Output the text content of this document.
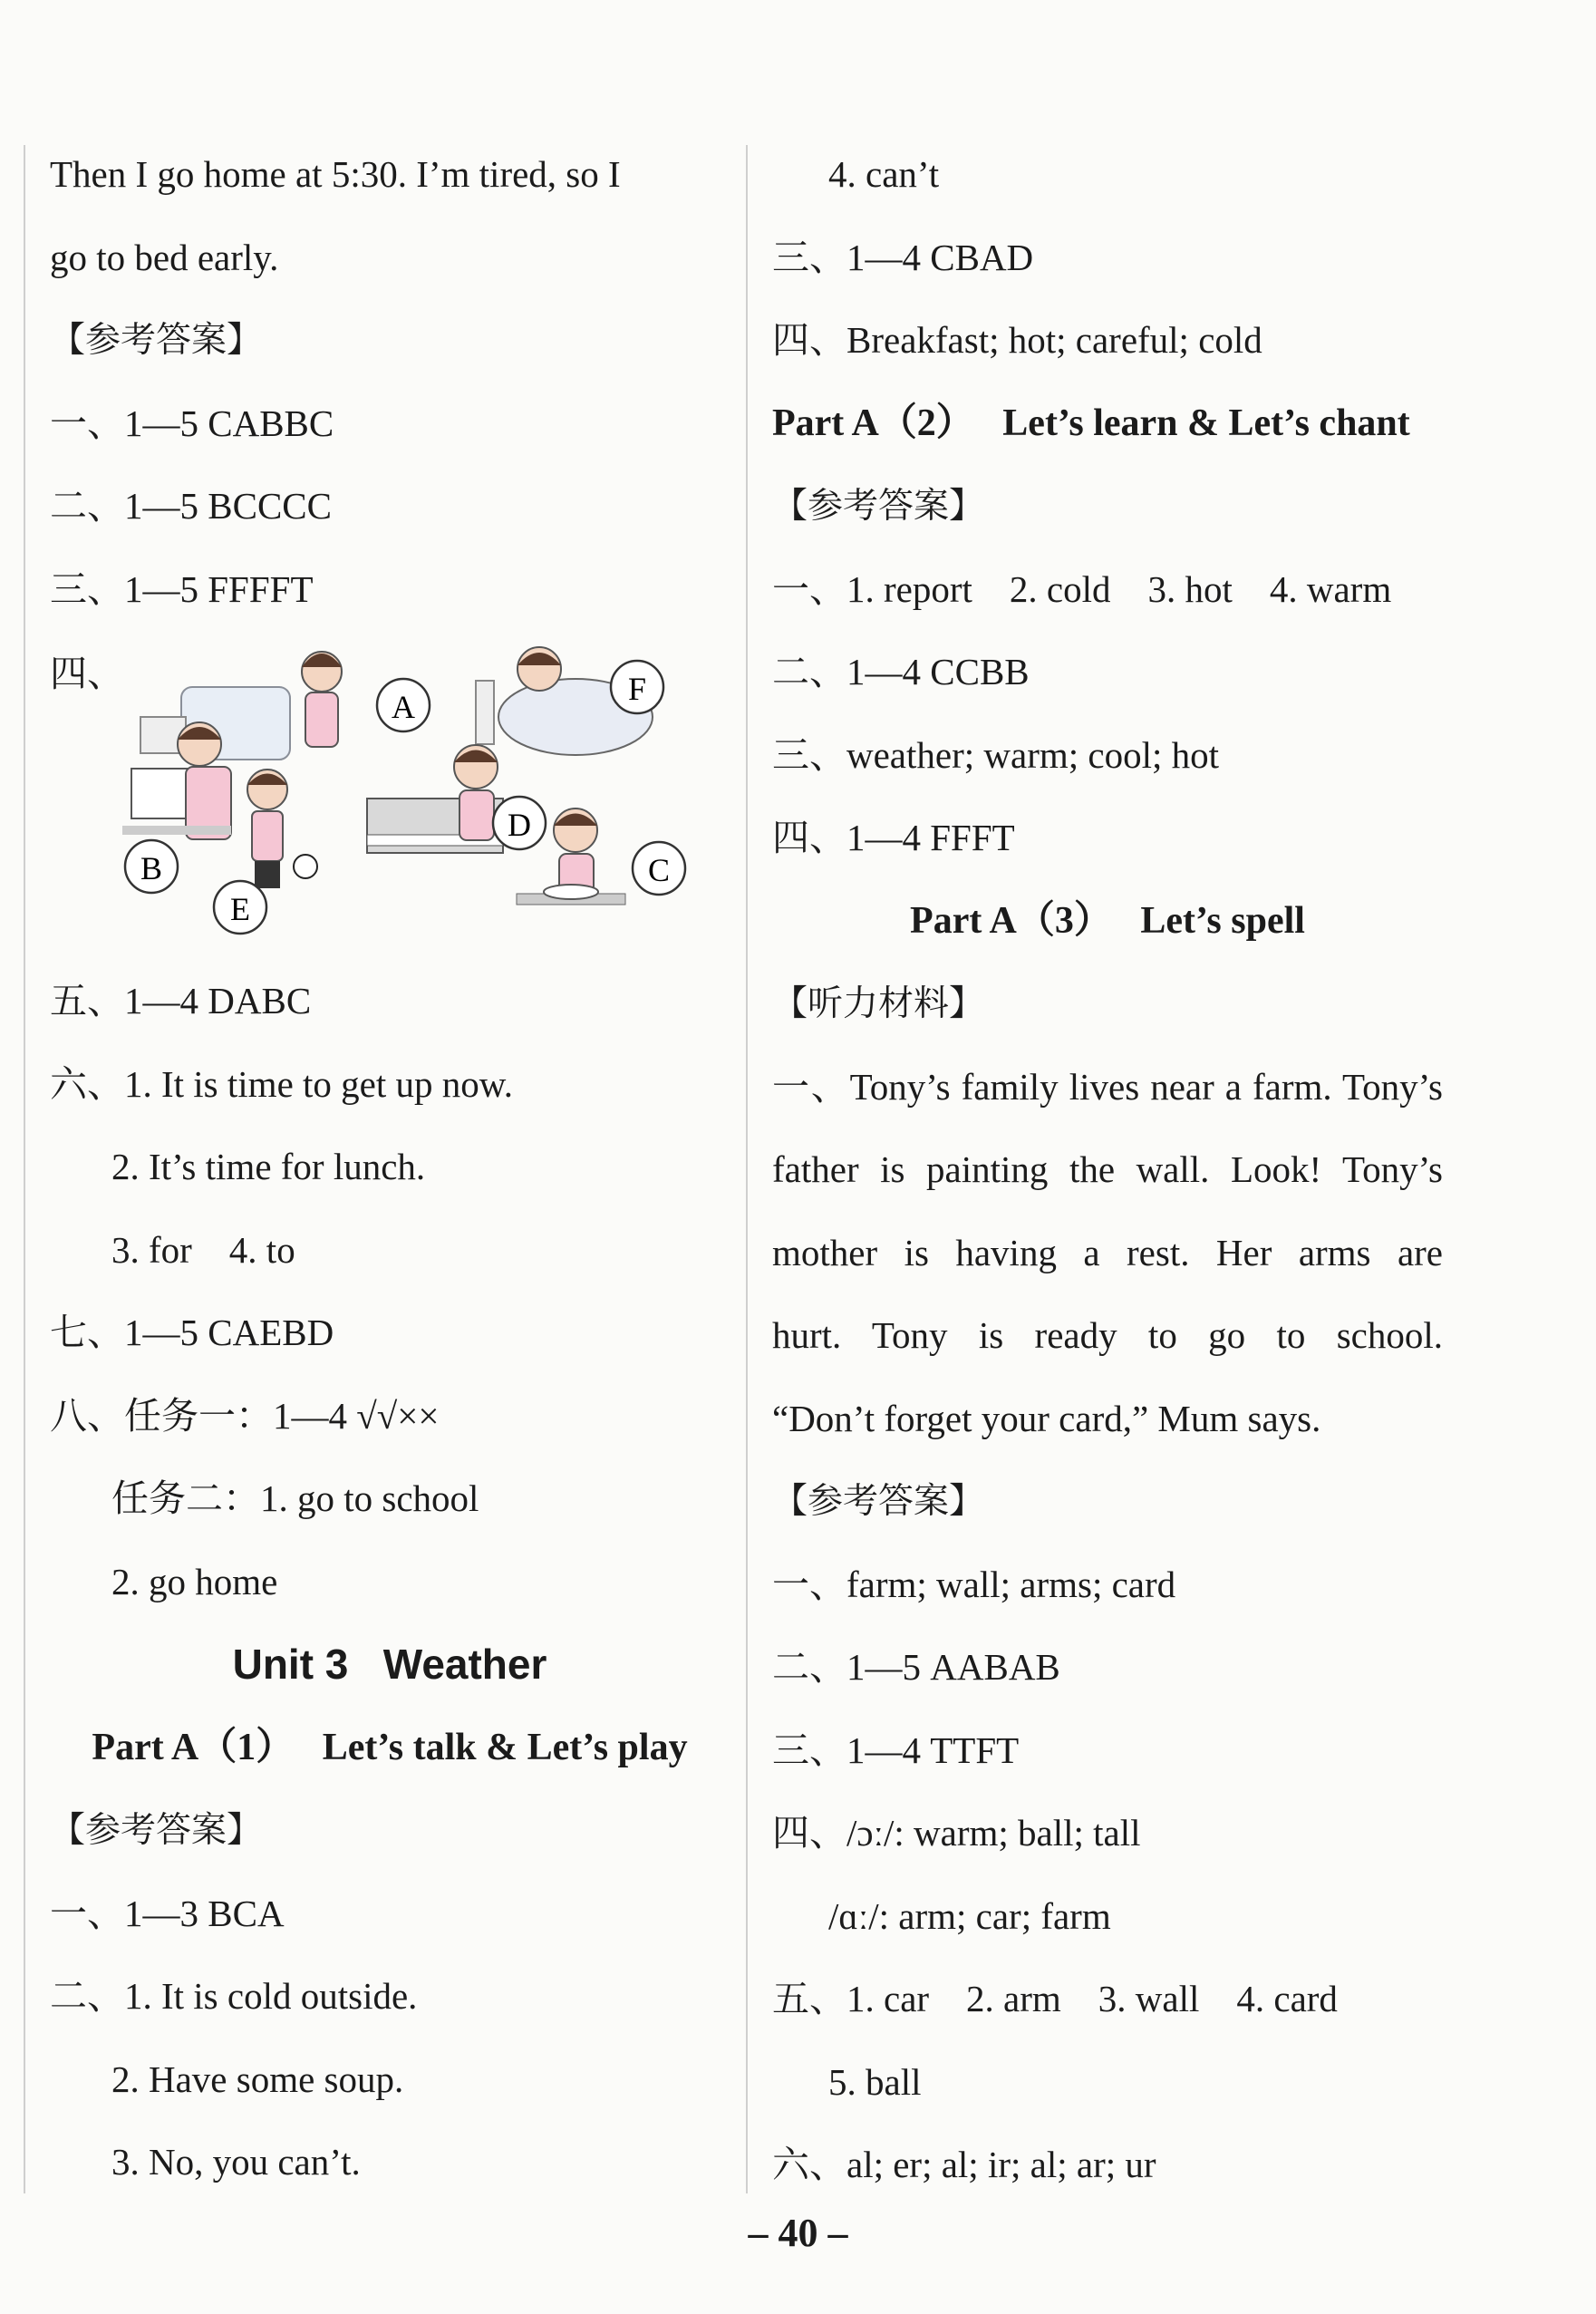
Then I go home at 5:30. I’m tired, so I
go to bed early.
【参考答案】
一、1—5 CABBC
二、1—5 BCCCC
三、1—5 FFFFT
四、
A	F
B
E
D
C
五、1—4 DABC
六、1. It is time to get up now.
2. It’s time for lunch.
3. for    4. to
七、1—5 CAEBD
八、任务一：1—4 √√××
任务二：1. go to school
2. go home
Unit 3   Weather
Part A（1）   Let’s talk & Let’s play
【参考答案】
一、1—3 BCA
二、1. It is cold outside.
2. Have some soup.
3. No, you can’t.
4. can’t
三、1—4 CBAD
四、Breakfast; hot; careful; cold
Part A（2）   Let’s learn & Let’s chant
【参考答案】
一、1. report    2. cold    3. hot    4. warm
二、1—4 CCBB
三、weather; warm; cool; hot
四、1—4 FFFT
Part A（3）   Let’s spell
【听力材料】
一、Tony’s family lives near a farm. Tony’s
father is painting the wall. Look! Tony’s
mother is having a rest. Her arms are
hurt. Tony is ready to go to school.
“Don’t forget your card,” Mum says.
【参考答案】
一、farm; wall; arms; card
二、1—5 AABAB
三、1—4 TTFT
四、/ɔː/: warm; ball; tall
/ɑː/: arm; car; farm
五、1. car    2. arm    3. wall    4. card
5. ball
六、al; er; al; ir; al; ar; ur
– 40 –
